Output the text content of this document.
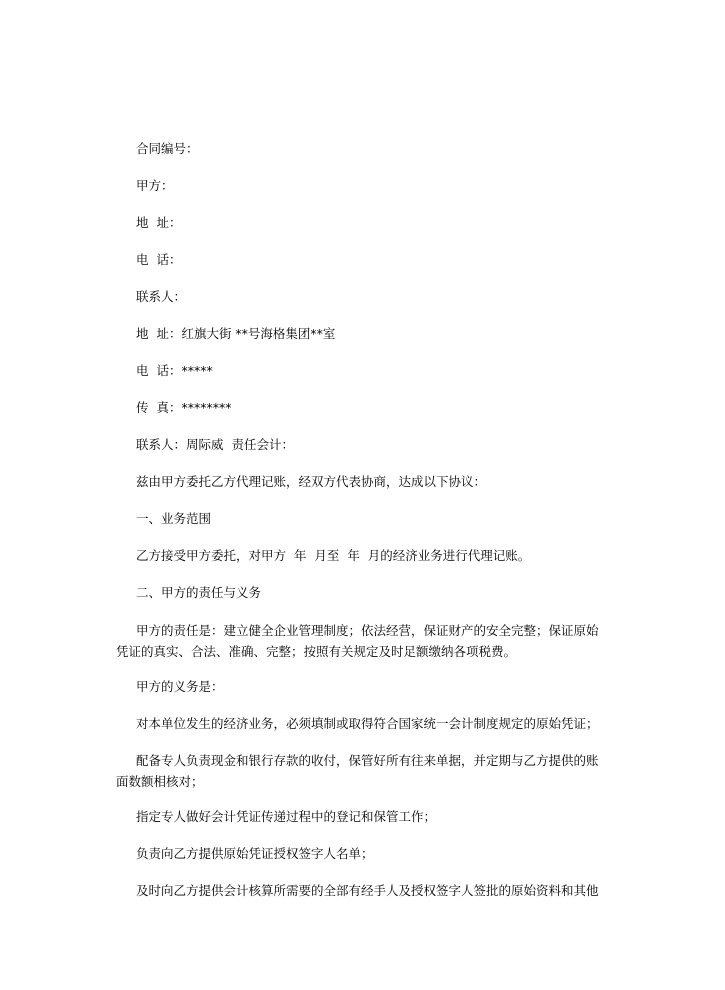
合同编号：

甲方：

地  址：

电  话：

联系人：

地  址：红旗大街 **号海格集团**室

电  话：*****

传  真：********

联系人：周际威  责任会计：

兹由甲方委托乙方代理记账，经双方代表协商，达成以下协议：

一、业务范围

乙方接受甲方委托，对甲方  年  月至  年  月的经济业务进行代理记账。

二、甲方的责任与义务

甲方的责任是：建立健全企业管理制度；依法经营，保证财产的安全完整；保证原始凭证的真实、合法、准确、完整；按照有关规定及时足额缴纳各项税费。

甲方的义务是：

对本单位发生的经济业务，必须填制或取得符合国家统一会计制度规定的原始凭证；

配备专人负责现金和银行存款的收付，保管好所有往来单据，并定期与乙方提供的账面数额相核对；

指定专人做好会计凭证传递过程中的登记和保管工作；

负责向乙方提供原始凭证授权签字人名单；

及时向乙方提供会计核算所需要的全部有经手人及授权签字人签批的原始资料和其他
